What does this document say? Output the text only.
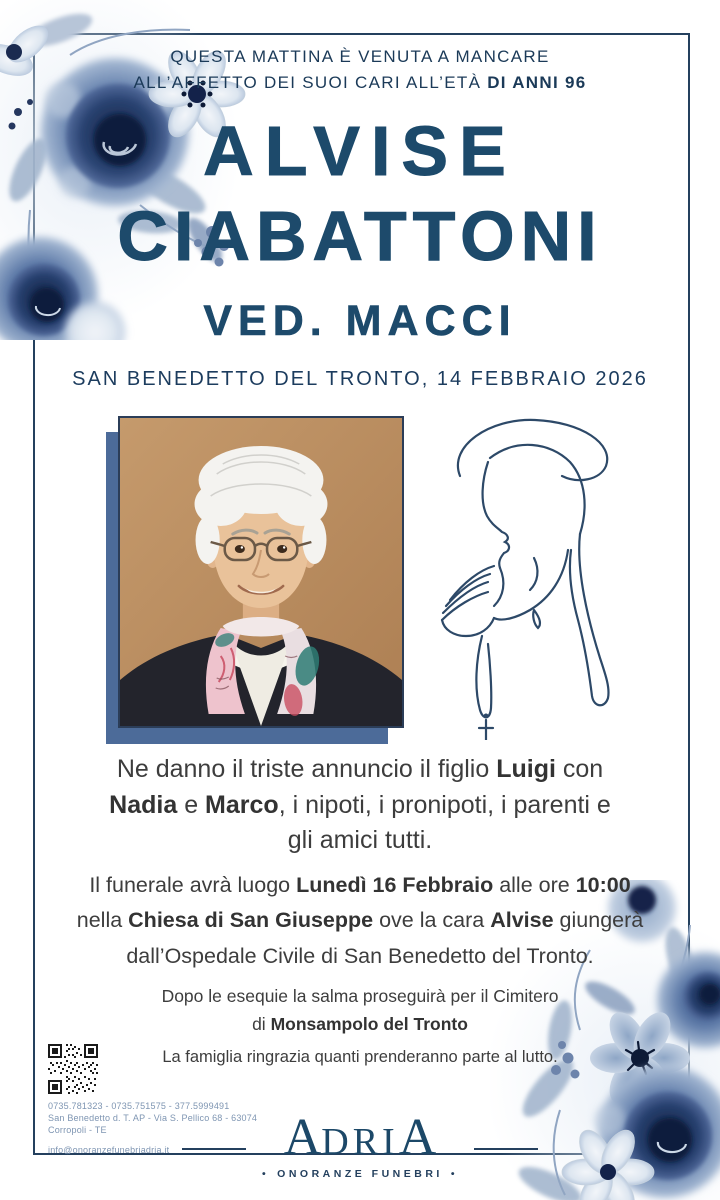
QUESTA MATTINA È VENUTA A MANCARE
ALL’AFFETTO DEI SUOI CARI ALL’ETÀ DI ANNI 96
ALVISE
CIABATTONI
VED. MACCI
SAN BENEDETTO DEL TRONTO, 14 FEBBRAIO 2026
Ne danno il triste annuncio il figlio Luigi con
Nadia e Marco, i nipoti, i pronipoti, i parenti e
gli amici tutti.
Il funerale avrà luogo Lunedì 16 Febbraio alle ore 10:00
nella Chiesa di San Giuseppe ove la cara Alvise giungerà
dall’Ospedale Civile di San Benedetto del Tronto.
Dopo le esequie la salma proseguirà per il Cimitero
di Monsampolo del Tronto
La famiglia ringrazia quanti prenderanno parte al lutto.
0735.781323 - 0735.751575 - 377.5999491
San Benedetto d. T. AP - Via S. Pellico 68 - 63074
Corropoli - TE
info@onoranzefunebriadria.it	A DRI A
• ONORANZE FUNEBRI •
